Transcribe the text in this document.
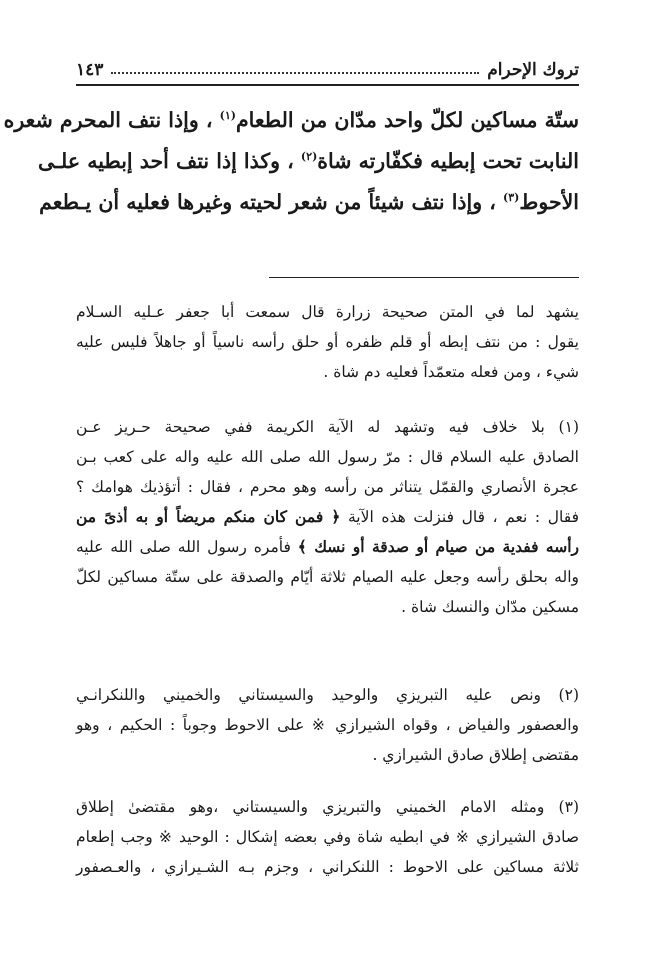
تروك الإحرام
١٤٣
ستّة مساكين لكلّ واحد مدّان من الطعام$^{(١)}$ ، وإذا نتف المحرم شعره
النابت تحت إبطيه فكفّارته شاة$^{(٢)}$ ، وكذا إذا نتف أحد إبطيه علـى
الأحوط$^{(٣)}$ ، وإذا نتف شيئاً من شعر لحيته وغيرها فعليه أن يـطعم
يشهد لما في المتن صحيحة زرارة قال سمعت أبا جعفر عـليه السـلام
يقول : من نتف إبطه أو قلم ظفره أو حلق رأسه ناسياً أو جاهلاً فليس عليه
شيء ، ومن فعله متعمّداً فعليه دم شاة .
(١) بلا خلاف فيه وتشهد له الآية الكريمة ففي صحيحة حـريز عـن
الصادق عليه السلام قال : مرّ رسول الله صلى الله عليه واله على كعب بـن
عجرة الأنصاري والقمّل يتناثر من رأسه وهو محرم ، فقال : أتؤذيك هوامك ؟
فقال : نعم ، قال فنزلت هذه الآية ﴿ فمن كان منكم مريضاً أو به أذىً من
رأسه ففدية من صيام أو صدقة أو نسك ﴾ فأمره رسول الله صلى الله عليه
واله بحلق رأسه وجعل عليه الصيام ثلاثة أيّام والصدقة على ستّة مساكين لكلّ
مسكين مدّان والنسك شاة .
(٢) ونص عليه التبريزي والوحيد والسيستاني والخميني واللنكرانـي
والعصفور والفياض ، وقواه الشيرازي ※ على الاحوط وجوباً : الحكيم ، وهو
مقتضى إطلاق صادق الشيرازي .
(٣) ومثله الامام الخميني والتبريزي والسيستاني ،وهو مقتضىٰ إطلاق
صادق الشيرازي ※ في ابطيه شاة وفي بعضه إشكال : الوحيد ※ وجب إطعام
ثلاثة مساكين على الاحوط : اللنكراني ، وجزم بـه الشـيرازي ، والعـصفور
